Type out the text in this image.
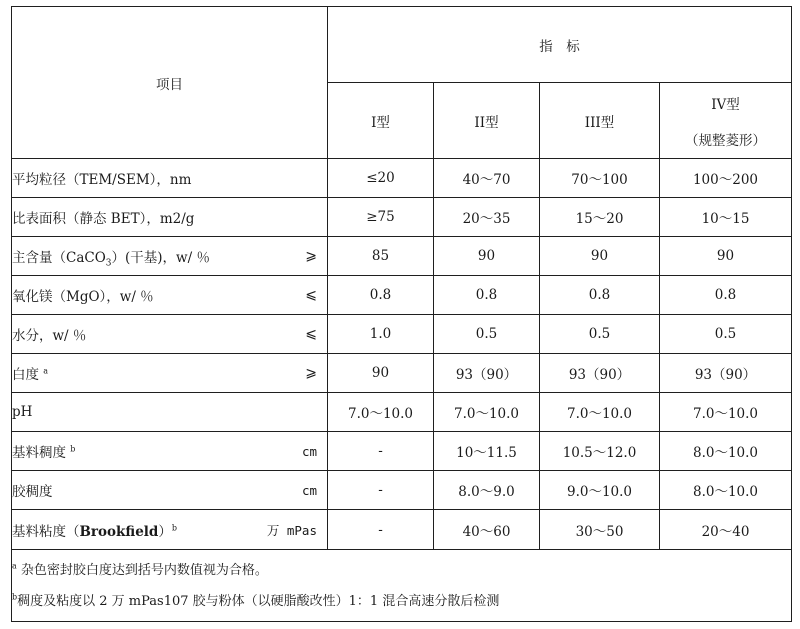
项目	指　标			
	I型	II型	III型	IV型
（规整菱形）

平均粒径（TEM/SEM），nm	≤20	40～70	70～100	100～200

比表面积（静态 BET），m2/g	≥75	20～35	15～20	10～15

主含量（CaCO$_3$）(干基)，w/ ％ ⩾	85	90	90	90

氧化镁（MgO），w/ ％ ⩽	0.8	0.8	0.8	0.8

水分，w/ ％ ⩽	1.0	0.5	0.5	0.5

白度 $^a$ ⩾	90	93（90）	93（90）	93（90）

pH	7.0～10.0	7.0～10.0	7.0～10.0	7.0～10.0

基料稠度 $^b$ cm	-	10～11.5	10.5～12.0	8.0～10.0

胶稠度 cm	-	8.0～9.0	9.0～10.0	8.0～10.0

基料粘度（Brookfield）$^b$ 万 mPas	-	40～60	30～50	20～40

$^a$ 杂色密封胶白度达到括号内数值视为合格。
$^b$稠度及粘度以 2 万 mPas107 胶与粉体（以硬脂酸改性）1：1 混合高速分散后检测				
